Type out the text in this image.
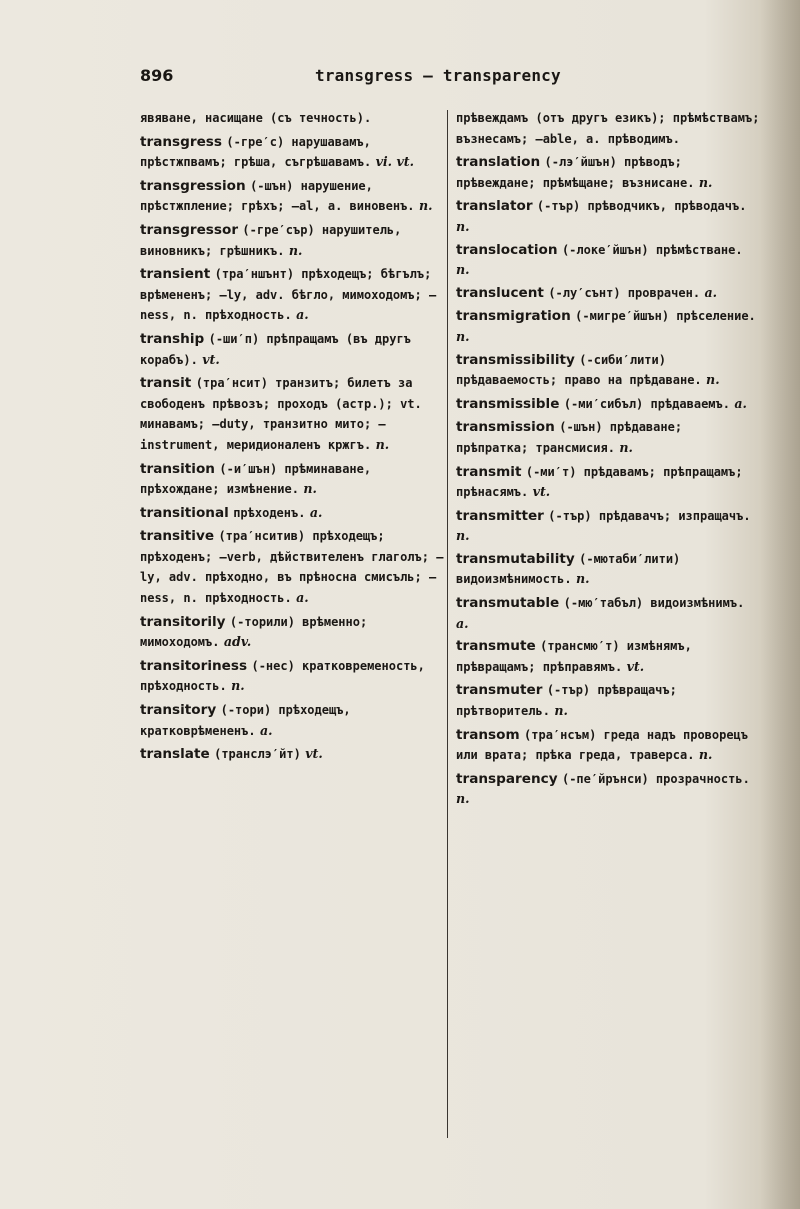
896	transgress — transparency
явяване, насищане (съ течность).
transgress (-гре′с) нарушавамъ, прѣстжпвамъ; грѣша, съгрѣшавамъ. vi. vt.
transgression (-шън) нарушение, прѣстжпление; грѣхъ; —al, a. виновенъ. n.
transgressor (-гре′сър) нарушитель, виновникъ; грѣшникъ. n.
transient (тра′ншънт) прѣходещъ; бѣгълъ; врѣмененъ; —ly, adv. бѣгло, мимоходомъ; —ness, n. прѣходность. a.
tranship (-ши′п) прѣпращамъ (въ другъ корабъ). vt.
transit (тра′нсит) транзитъ; билетъ за свободенъ прѣвозъ; проходъ (астр.); vt. минавамъ; —duty, транзитно мито; —instrument, меридионаленъ кржгъ. n.
transition (-и′шън) прѣминаване, прѣхождане; измѣнение. n.
transitional прѣходенъ. a.
transitive (тра′нситив) прѣходещъ; прѣходенъ; —verb, дѣйствителенъ глаголъ; —ly, adv. прѣходно, въ прѣносна смисъль; — ness, n. прѣходность. a.
transitorily (-торили) врѣменно; мимоходомъ. adv.
transitoriness (-нес) кратковременость, прѣходность. n.
transitory (-тори) прѣходещъ, кратковрѣмененъ. a.
translate (транслэ′йт) vt.
прѣвеждамъ (отъ другъ езикъ); прѣмѣствамъ; възнесамъ; —able, a. прѣводимъ.
translation (-лэ′йшън) прѣводъ; прѣвеждане; прѣмѣщане; възнисане. n.
translator (-тър) прѣводчикъ, прѣводачъ. n.
translocation (-локе′йшън) прѣмѣстване. n.
translucent (-лу′сънт) проврачен. a.
transmigration (-мигре′йшън) прѣселение. n.
transmissibility (-сиби′лити) прѣдаваемость; право на прѣдаване. n.
transmissible (-ми′сибъл) прѣдаваемъ. a.
transmission (-шън) прѣдаване; прѣпратка; трансмисия. n.
transmit (-ми′т) прѣдавамъ; прѣпращамъ; прѣнасямъ. vt.
transmitter (-тър) прѣдавачъ; изпращачъ. n.
transmutability (-мютаби′лити) видоизмѣнимость. n.
transmutable (-мю′табъл) видоизмѣнимъ. a.
transmute (трансмю′т) измѣнямъ, прѣвращамъ; прѣправямъ. vt.
transmuter (-тър) прѣвращачъ; прѣтворитель. n.
transom (тра′нсъм) греда надъ проворецъ или врата; прѣка греда, траверса. n.
transparency (-пе′йрънси) прозрачность. n.
